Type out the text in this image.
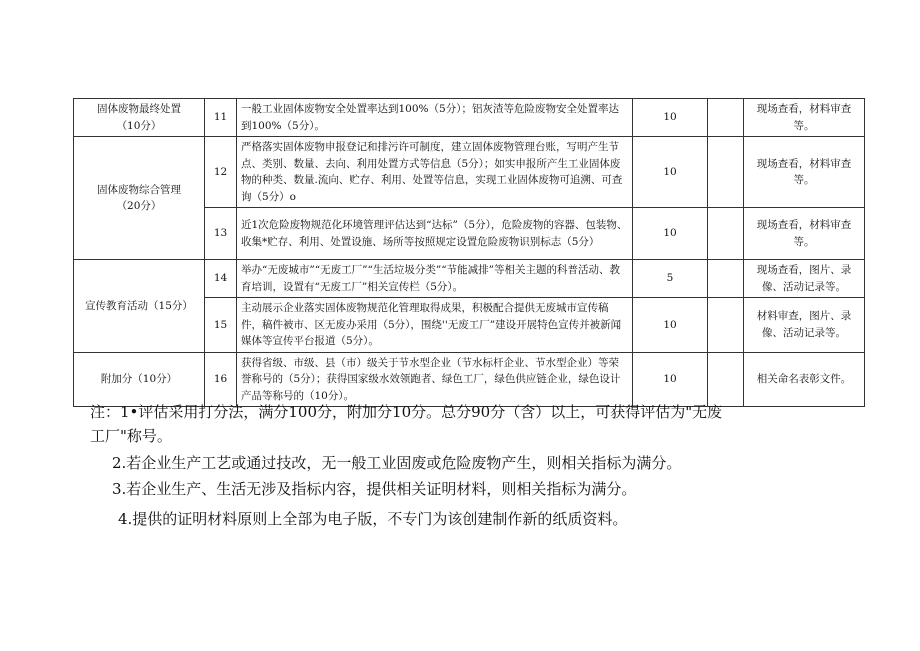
固体废物最终处置
（10分）	11	一般工业固体废物安全处置率达到100%（5分）；铝灰渣等危险废物安全处置率达到100%（5分）。	10		现场查看，材料审查等。
固体废物综合管理
（20分）	12	严格落实固体废物申报登记和排污许可制度，建立固体废物管理台账，写明产生节点、类别、数量、去向、利用处置方式等信息（5分）；如实申报所产生工业固体废物的种类、数量.流向、贮存、利用、处置等信息，实现工业固体废物可追溯、可查询（5分）o	10		现场查看，材料审查等。
	13	近1次危险废物规范化环境管理评估达到“达标”（5分），危险废物的容器、包装物、收集*贮存、利用、处置设施、场所等按照规定设置危险废物识别标志（5分）	10		现场查看，材料审查等。
宣传教育活动（15分）	14	举办“无废城市”“无废工厂”“生活垃圾分类”“节能减排”等相关主题的科普活动、教育培训，设置有“无废工厂”相关宣传栏（5分）。	5		现场查看，图片、录像、活动记录等。
	15	主动展示企业落实固体废物规范化管理取得成果，积极配合提供无废城市宣传稿件，稿件被市、区无废办采用（5分），围绕''无废工厂”建设开展特色宣传并被新闻媒体等宣传平台报道（5分）。	10		材料审查，图片、录像、活动记录等。
附加分（10分）	16	获得省级、市级、县（市）级关于节水型企业（节水标杆企业、节水型企业）等荣誉称号的（5分）；获得国家级水效领跑者、绿色工厂，绿色供应链企业，绿色设计产品等称号的（10分）。	10		相关命名表彰文件。

注：1•评估采用打分法，满分100分，附加分10分。总分90分（含）以上，可获得评估为"无废

工厂"称号。

2.若企业生产工艺或通过技改，无一般工业固废或危险废物产生，则相关指标为满分。

3.若企业生产、生活无涉及指标内容，提供相关证明材料，则相关指标为满分。

4.提供的证明材料原则上全部为电子版，不专门为该创建制作新的纸质资料。
